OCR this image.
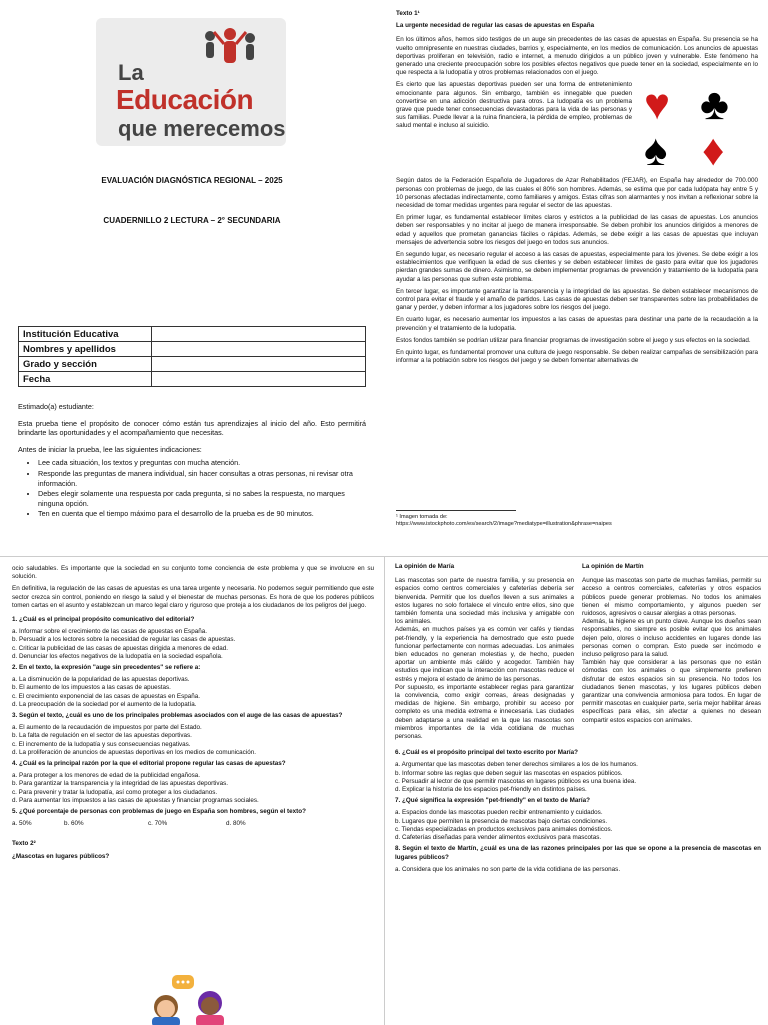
La
Educación
que merecemos
EVALUACIÓN DIAGNÓSTICA REGIONAL – 2025
CUADERNILLO 2 LECTURA – 2° SECUNDARIA
Institución Educativa	
Nombres y apellidos	
Grado y sección	
Fecha	

Estimado(a) estudiante:

Esta prueba tiene el propósito de conocer cómo están tus aprendizajes al inicio del año. Esto permitirá brindarte las oportunidades y el acompañamiento que necesitas.

Antes de iniciar la prueba, lee las siguientes indicaciones:

• Lee cada situación, los textos y preguntas con mucha atención.
• Responde las preguntas de manera individual, sin hacer consultas a otras personas, ni revisar otra información.
• Debes elegir solamente una respuesta por cada pregunta, si no sabes la respuesta, no marques ninguna opción.
• Ten en cuenta que el tiempo máximo para el desarrollo de la prueba es de 90 minutos.

Texto 1¹

La urgente necesidad de regular las casas de apuestas en España

En los últimos años, hemos sido testigos de un auge sin precedentes de las casas de apuestas en España. Su presencia se ha vuelto omnipresente en nuestras ciudades, barrios y, especialmente, en los medios de comunicación. Los anuncios de apuestas deportivas proliferan en televisión, radio e internet, a menudo dirigidos a un público joven y vulnerable. Este fenómeno ha generado una creciente preocupación sobre los posibles efectos negativos que puede tener en la sociedad, especialmente en lo que respecta a la ludopatía y otros problemas relacionados con el juego.

Es cierto que las apuestas deportivas pueden ser una forma de entretenimiento emocionante para algunos. Sin embargo, también es innegable que pueden convertirse en una adicción destructiva para otros. La ludopatía es un problema grave que puede tener consecuencias devastadoras para la vida de las personas y sus familias. Puede llevar a la ruina financiera, la pérdida de empleo, problemas de salud mental e incluso al suicidio.	♥ ♣
♠ ♦

Según datos de la Federación Española de Jugadores de Azar Rehabilitados (FEJAR), en España hay alrededor de 700.000 personas con problemas de juego, de las cuales el 80% son hombres. Además, se estima que por cada ludópata hay entre 5 y 10 personas afectadas indirectamente, como familiares y amigos. Estas cifras son alarmantes y nos invitan a reflexionar sobre la necesidad de tomar medidas urgentes para regular el sector de las apuestas.

En primer lugar, es fundamental establecer límites claros y estrictos a la publicidad de las casas de apuestas. Los anuncios deben ser responsables y no incitar al juego de manera irresponsable. Se deben prohibir los anuncios dirigidos a menores de edad y aquellos que prometan ganancias fáciles o rápidas. Además, se debe exigir a las casas de apuestas que incluyan mensajes de advertencia sobre los riesgos del juego en todos sus anuncios.

En segundo lugar, es necesario regular el acceso a las casas de apuestas, especialmente para los jóvenes. Se debe exigir a los establecimientos que verifiquen la edad de sus clientes y se deben establecer límites de gasto para evitar que los jugadores pierdan grandes sumas de dinero. Asimismo, se deben implementar programas de prevención y tratamiento de la ludopatía para ayudar a las personas que sufren este problema.

En tercer lugar, es importante garantizar la transparencia y la integridad de las apuestas. Se deben establecer mecanismos de control para evitar el fraude y el amaño de partidos. Las casas de apuestas deben ser transparentes sobre las probabilidades de ganar y perder, y deben informar a los jugadores sobre los riesgos del juego.

En cuarto lugar, es necesario aumentar los impuestos a las casas de apuestas para destinar una parte de la recaudación a la prevención y el tratamiento de la ludopatía.

Estos fondos también se podrían utilizar para financiar programas de investigación sobre el juego y sus efectos en la sociedad.

En quinto lugar, es fundamental promover una cultura de juego responsable. Se deben realizar campañas de sensibilización para informar a la población sobre los riesgos del juego y se deben fomentar alternativas de

¹ Imagen tomada de:
https://www.istockphoto.com/es/search/2/image?mediatype=illustration&phrase=naipes

ocio saludables. Es importante que la sociedad en su conjunto tome conciencia de este problema y que se involucre en su solución.

En definitiva, la regulación de las casas de apuestas es una tarea urgente y necesaria. No podemos seguir permitiendo que este sector crezca sin control, poniendo en riesgo la salud y el bienestar de muchas personas. Es hora de que los poderes públicos tomen cartas en el asunto y establezcan un marco legal claro y riguroso que proteja a los ciudadanos de los peligros del juego.

1. ¿Cuál es el principal propósito comunicativo del editorial?

a. Informar sobre el crecimiento de las casas de apuestas en España.
b. Persuadir a los lectores sobre la necesidad de regular las casas de apuestas.
c. Criticar la publicidad de las casas de apuestas dirigida a menores de edad.
d. Denunciar los efectos negativos de la ludopatía en la sociedad española.

2. En el texto, la expresión "auge sin precedentes" se refiere a:

a. La disminución de la popularidad de las apuestas deportivas.
b. El aumento de los impuestos a las casas de apuestas.
c. El crecimiento exponencial de las casas de apuestas en España.
d. La preocupación de la sociedad por el aumento de la ludopatía.

3. Según el texto, ¿cuál es uno de los principales problemas asociados con el auge de las casas de apuestas?

a. El aumento de la recaudación de impuestos por parte del Estado.
b. La falta de regulación en el sector de las apuestas deportivas.
c. El incremento de la ludopatía y sus consecuencias negativas.
d. La proliferación de anuncios de apuestas deportivas en los medios de comunicación.

4. ¿Cuál es la principal razón por la que el editorial propone regular las casas de apuestas?

a. Para proteger a los menores de edad de la publicidad engañosa.
b. Para garantizar la transparencia y la integridad de las apuestas deportivas.
c. Para prevenir y tratar la ludopatía, así como proteger a los ciudadanos.
d. Para aumentar los impuestos a las casas de apuestas y financiar programas sociales.

5. ¿Qué porcentaje de personas con problemas de juego en España son hombres, según el texto?

a. 50%	b. 60%	c. 70%	d. 80%

Texto 2²

¿Mascotas en lugares públicos?

La opinión de María

Las mascotas son parte de nuestra familia, y su presencia en espacios como centros comerciales y cafeterías debería ser bienvenida. Permitir que los dueños lleven a sus animales a estos lugares no solo fortalece el vínculo entre ellos, sino que también fomenta una sociedad más inclusiva y amigable con los animales.

Además, en muchos países ya es común ver cafés y tiendas pet-friendly, y la experiencia ha demostrado que esto puede funcionar perfectamente con normas adecuadas. Los animales bien educados no generan molestias y, de hecho, pueden aportar un ambiente más cálido y acogedor. También hay estudios que indican que la interacción con mascotas reduce el estrés y mejora el estado de ánimo de las personas.

Por supuesto, es importante establecer reglas para garantizar la convivencia, como exigir correas, áreas designadas y medidas de higiene. Sin embargo, prohibir su acceso por completo es una medida extrema e innecesaria. Las ciudades deben adaptarse a una realidad en la que las mascotas son miembros importantes de la vida cotidiana de muchas personas.

La opinión de Martín

Aunque las mascotas son parte de muchas familias, permitir su acceso a centros comerciales, cafeterías y otros espacios públicos puede generar problemas. No todos los animales tienen el mismo comportamiento, y algunos pueden ser ruidosos, agresivos o causar alergias a otras personas.

Además, la higiene es un punto clave. Aunque los dueños sean responsables, no siempre es posible evitar que los animales dejen pelo, olores o incluso accidentes en lugares donde las personas comen o compran. Esto puede ser incómodo e incluso peligroso para la salud.

También hay que considerar a las personas que no están cómodas con los animales o que simplemente prefieren disfrutar de estos espacios sin su presencia. No todos los ciudadanos tienen mascotas, y los lugares públicos deben garantizar una convivencia armoniosa para todos. En lugar de permitir mascotas en cualquier parte, sería mejor habilitar áreas específicas para ellas, sin afectar a quienes no desean compartir estos espacios con animales.

6. ¿Cuál es el propósito principal del texto escrito por María?

a. Argumentar que las mascotas deben tener derechos similares a los de los humanos.
b. Informar sobre las reglas que deben seguir las mascotas en espacios públicos.
c. Persuadir al lector de que permitir mascotas en lugares públicos es una buena idea.
d. Explicar la historia de los espacios pet-friendly en distintos países.

7. ¿Qué significa la expresión "pet-friendly" en el texto de María?

a. Espacios donde las mascotas pueden recibir entrenamiento y cuidados.
b. Lugares que permiten la presencia de mascotas bajo ciertas condiciones.
c. Tiendas especializadas en productos exclusivos para animales domésticos.
d. Cafeterías diseñadas para vender alimentos exclusivos para mascotas.

8. Según el texto de Martín, ¿cuál es una de las razones principales por las que se opone a la presencia de mascotas en lugares públicos?

a. Considera que los animales no son parte de la vida cotidiana de las personas.
